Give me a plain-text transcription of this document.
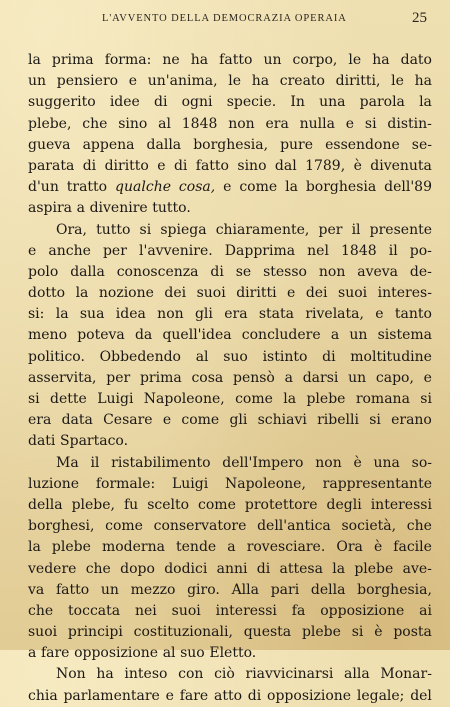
L'AVVENTO DELLA DEMOCRAZIA OPERAIA	25
la prima forma: ne ha fatto un corpo, le ha dato
un pensiero e un'anima, le ha creato diritti, le ha
suggerito idee di ogni specie. In una parola la
plebe, che sino al 1848 non era nulla e si distin-
gueva appena dalla borghesia, pure essendone se-
parata di diritto e di fatto sino dal 1789, è divenuta
d'un tratto qualche cosa, e come la borghesia dell'89
aspira a divenire tutto.
Ora, tutto si spiega chiaramente, per il presente
e anche per l'avvenire. Dapprima nel 1848 il po-
polo dalla conoscenza di se stesso non aveva de-
dotto la nozione dei suoi diritti e dei suoi interes-
si: la sua idea non gli era stata rivelata, e tanto
meno poteva da quell'idea concludere a un sistema
politico. Obbedendo al suo istinto di moltitudine
asservita, per prima cosa pensò a darsi un capo, e
si dette Luigi Napoleone, come la plebe romana si
era data Cesare e come gli schiavi ribelli si erano
dati Spartaco.
Ma il ristabilimento dell'Impero non è una so-
luzione formale: Luigi Napoleone, rappresentante
della plebe, fu scelto come protettore degli interessi
borghesi, come conservatore dell'antica società, che
la plebe moderna tende a rovesciare. Ora è facile
vedere che dopo dodici anni di attesa la plebe ave-
va fatto un mezzo giro. Alla pari della borghesia,
che toccata nei suoi interessi fa opposizione ai
suoi principi costituzionali, questa plebe si è posta
a fare opposizione al suo Eletto.
Non ha inteso con ciò riavvicinarsi alla Monar-
chia parlamentare e fare atto di opposizione legale; del
